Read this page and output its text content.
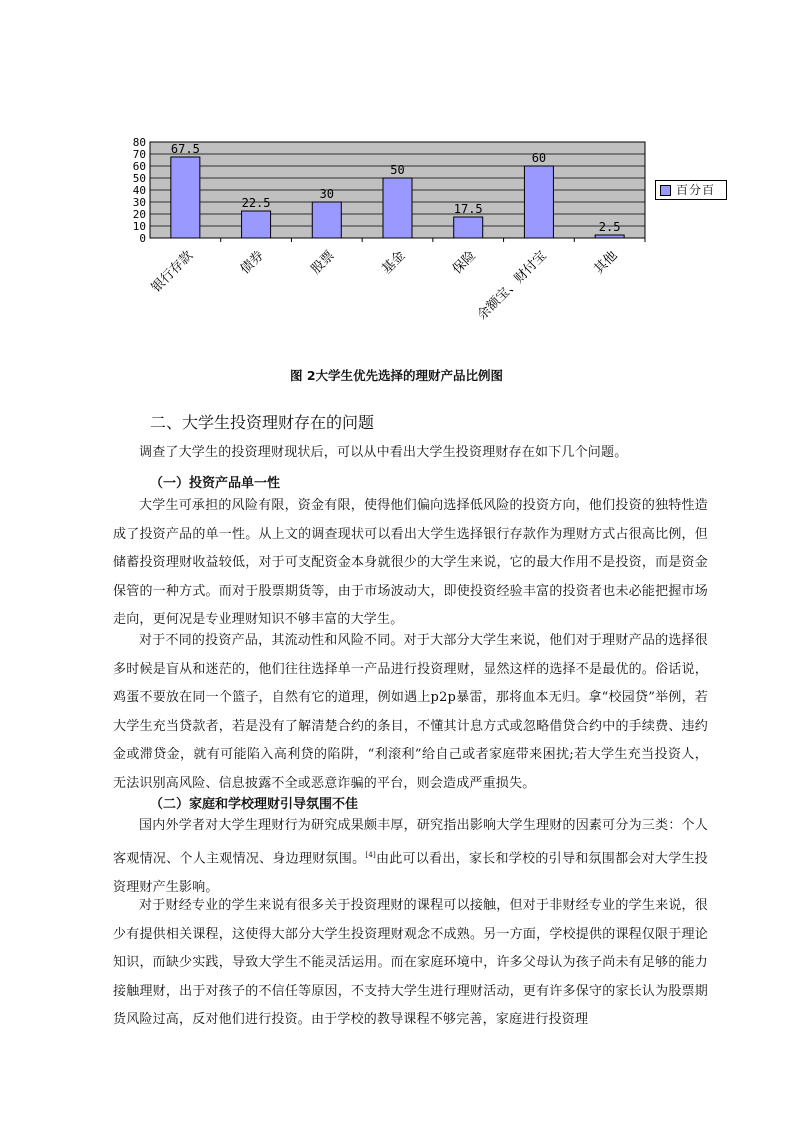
0
10
20
30
40
50
60
70
80 67.5
银行存款
22.5
债券
30
股票
50
基金
17.5
保险
60
余额宝、财付宝
2.5
其他
百分百
图 2大学生优先选择的理财产品比例图
二、大学生投资理财存在的问题

调查了大学生的投资理财现状后，可以从中看出大学生投资理财存在如下几个问题。

（一）投资产品单一性

大学生可承担的风险有限，资金有限，使得他们偏向选择低风险的投资方向，他们投资的独特性造成了投资产品的单一性。从上文的调查现状可以看出大学生选择银行存款作为理财方式占很高比例，但储蓄投资理财收益较低，对于可支配资金本身就很少的大学生来说，它的最大作用不是投资，而是资金保管的一种方式。而对于股票期货等，由于市场波动大，即使投资经验丰富的投资者也未必能把握市场走向，更何况是专业理财知识不够丰富的大学生。

对于不同的投资产品，其流动性和风险不同。对于大部分大学生来说，他们对于理财产品的选择很多时候是盲从和迷茫的，他们往往选择单一产品进行投资理财，显然这样的选择不是最优的。俗话说，鸡蛋不要放在同一个篮子，自然有它的道理，例如遇上p2p暴雷，那将血本无归。拿“校园贷”举例，若大学生充当贷款者，若是没有了解清楚合约的条目，不懂其计息方式或忽略借贷合约中的手续费、违约金或滞贷金，就有可能陷入高利贷的陷阱，“利滚利”给自己或者家庭带来困扰;若大学生充当投资人，无法识别高风险、信息披露不全或恶意诈骗的平台，则会造成严重损失。

（二）家庭和学校理财引导氛围不佳

国内外学者对大学生理财行为研究成果颇丰厚，研究指出影响大学生理财的因素可分为三类：个人客观情况、个人主观情况、身边理财氛围。[4]由此可以看出，家长和学校的引导和氛围都会对大学生投资理财产生影响。

对于财经专业的学生来说有很多关于投资理财的课程可以接触，但对于非财经专业的学生来说，很少有提供相关课程，这使得大部分大学生投资理财观念不成熟。另一方面，学校提供的课程仅限于理论知识，而缺少实践，导致大学生不能灵活运用。而在家庭环境中，许多父母认为孩子尚未有足够的能力接触理财，出于对孩子的不信任等原因，不支持大学生进行理财活动，更有许多保守的家长认为股票期货风险过高，反对他们进行投资。由于学校的教导课程不够完善，家庭进行投资理
